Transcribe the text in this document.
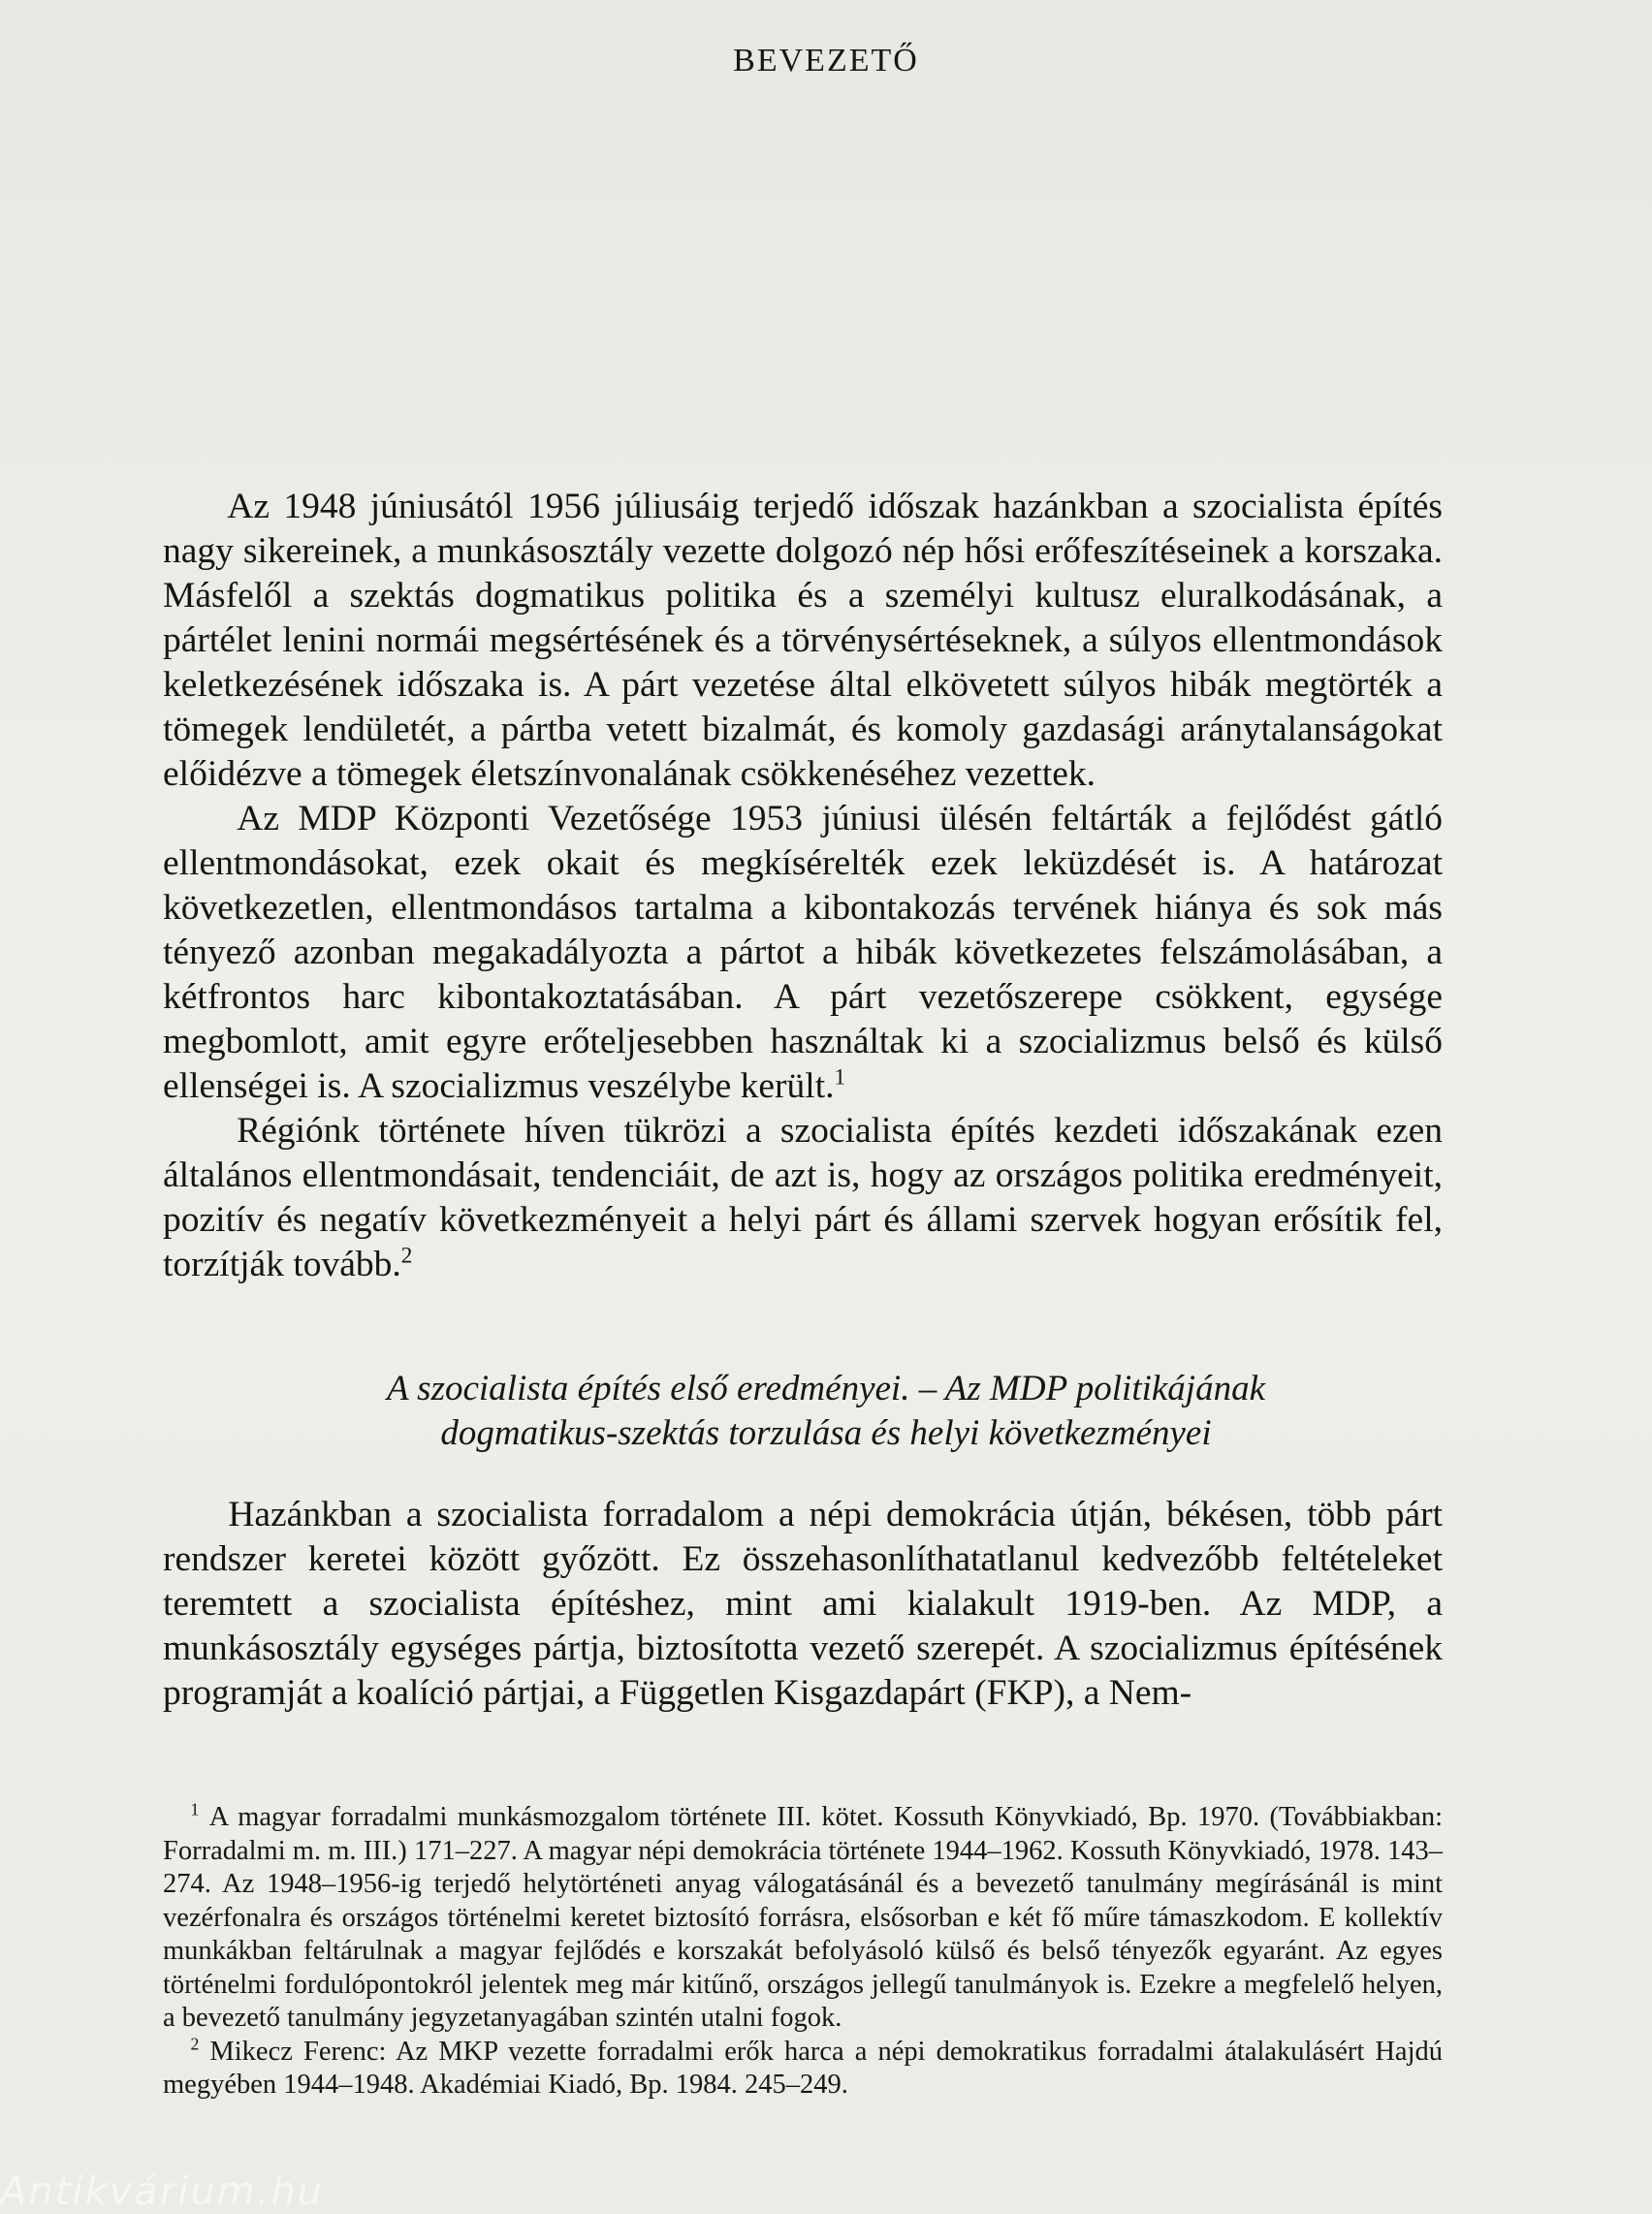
BEVEZETŐ

   Az 1948 júniusától 1956 júliusáig terjedő időszak hazánkban a szocialista építés nagy sikereinek, a munkásosztály vezette dolgozó nép hősi erőfeszítéseinek a korszaka. Másfelől a szektás dogmatikus politika és a személyi kultusz eluralkodásának, a pártélet lenini normái megsértésének és a törvénysértéseknek, a súlyos ellentmondások keletkezésének időszaka is. A párt vezetése által elkövetett súlyos hibák megtörték a tömegek lendületét, a pártba vetett bizalmát, és komoly gazdasági aránytalanságokat előidézve a tömegek életszínvonalának csökkenéséhez vezettek.

   Az MDP Központi Vezetősége 1953 júniusi ülésén feltárták a fejlődést gátló ellentmondásokat, ezek okait és megkísérelték ezek leküzdését is. A határozat következetlen, ellentmondásos tartalma a kibontakozás tervének hiánya és sok más tényező azonban megakadályozta a pártot a hibák következetes felszámolásában, a kétfrontos harc kibontakoztatásában. A párt vezetőszerepe csökkent, egysége megbomlott, amit egyre erőteljesebben használtak ki a szocializmus belső és külső ellenségei is. A szocializmus veszélybe került.$^1$

   Régiónk története híven tükrözi a szocialista építés kezdeti időszakának ezen általános ellentmondásait, tendenciáit, de azt is, hogy az országos politika eredményeit, pozitív és negatív következményeit a helyi párt és állami szervek hogyan erősítik fel, torzítják tovább.$^2$

A szocialista építés első eredményei. – Az MDP politikájának
dogmatikus-szektás torzulása és helyi következményei

   Hazánkban a szocialista forradalom a népi demokrácia útján, békésen, több párt rendszer keretei között győzött. Ez összehasonlíthatatlanul kedvezőbb feltételeket teremtett a szocialista építéshez, mint ami kialakult 1919-ben. Az MDP, a munkásosztály egységes pártja, biztosította vezető szerepét. A szocializmus építésének programját a koalíció pártjai, a Független Kisgazdapárt (FKP), a Nem-

 $^1$ A magyar forradalmi munkásmozgalom története III. kötet. Kossuth Könyvkiadó, Bp. 1970. (Továbbiakban: Forradalmi m. m. III.) 171–227. A magyar népi demokrácia története 1944–1962. Kossuth Könyvkiadó, 1978. 143–274. Az 1948–1956-ig terjedő helytörténeti anyag válogatásánál és a bevezető tanulmány megírásánál is mint vezérfonalra és országos történelmi keretet biztosító forrásra, elsősorban e két fő műre támaszkodom. E kollektív munkákban feltárulnak a magyar fejlődés e korszakát befolyásoló külső és belső tényezők egyaránt. Az egyes történelmi fordulópontokról jelentek meg már kitűnő, országos jellegű tanulmányok is. Ezekre a megfelelő helyen, a bevezető tanulmány jegyzetanyagában szintén utalni fogok.

 $^2$ Mikecz Ferenc: Az MKP vezette forradalmi erők harca a népi demokratikus forradalmi átalakulásért Hajdú megyében 1944–1948. Akadémiai Kiadó, Bp. 1984. 245–249.

Antikvárium.hu
